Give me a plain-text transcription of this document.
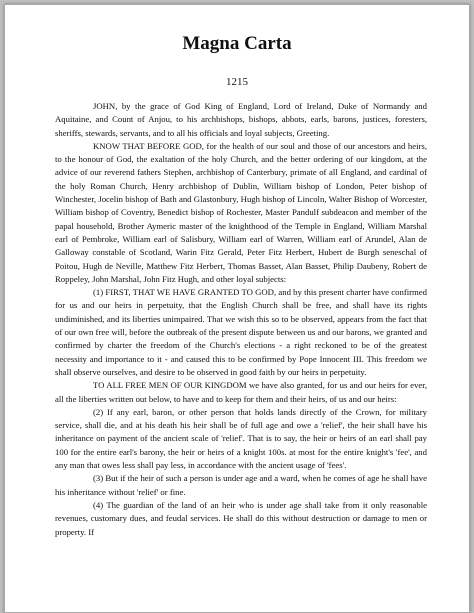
Magna Carta
1215

JOHN, by the grace of God King of England, Lord of Ireland, Duke of Normandy and Aquitaine, and Count of Anjou, to his archbishops, bishops, abbots, earls, barons, justices, foresters, sheriffs, stewards, servants, and to all his officials and loyal subjects, Greeting.

KNOW THAT BEFORE GOD, for the health of our soul and those of our ancestors and heirs, to the honour of God, the exaltation of the holy Church, and the better ordering of our kingdom, at the advice of our reverend fathers Stephen, archbishop of Canterbury, primate of all England, and cardinal of the holy Roman Church, Henry archbishop of Dublin, William bishop of London, Peter bishop of Winchester, Jocelin bishop of Bath and Glastonbury, Hugh bishop of Lincoln, Walter Bishop of Worcester, William bishop of Coventry, Benedict bishop of Rochester, Master Pandulf subdeacon and member of the papal household, Brother Aymeric master of the knighthood of the Temple in England, William Marshal earl of Pembroke, William earl of Salisbury, William earl of Warren, William earl of Arundel, Alan de Galloway constable of Scotland, Warin Fitz Gerald, Peter Fitz Herbert, Hubert de Burgh seneschal of Poitou, Hugh de Neville, Matthew Fitz Herbert, Thomas Basset, Alan Basset, Philip Daubeny, Robert de Roppeley, John Marshal, John Fitz Hugh, and other loyal subjects:

(1) FIRST, THAT WE HAVE GRANTED TO GOD, and by this present charter have confirmed for us and our heirs in perpetuity, that the English Church shall be free, and shall have its rights undiminished, and its liberties unimpaired. That we wish this so to be observed, appears from the fact that of our own free will, before the outbreak of the present dispute between us and our barons, we granted and confirmed by charter the freedom of the Church's elections - a right reckoned to be of the greatest necessity and importance to it - and caused this to be confirmed by Pope Innocent III. This freedom we shall observe ourselves, and desire to be observed in good faith by our heirs in perpetuity.

TO ALL FREE MEN OF OUR KINGDOM we have also granted, for us and our heirs for ever, all the liberties written out below, to have and to keep for them and their heirs, of us and our heirs:

(2) If any earl, baron, or other person that holds lands directly of the Crown, for military service, shall die, and at his death his heir shall be of full age and owe a 'relief', the heir shall have his inheritance on payment of the ancient scale of 'relief'. That is to say, the heir or heirs of an earl shall pay 100 for the entire earl's barony, the heir or heirs of a knight 100s. at most for the entire knight's 'fee', and any man that owes less shall pay less, in accordance with the ancient usage of 'fees'.

(3) But if the heir of such a person is under age and a ward, when he comes of age he shall have his inheritance without 'relief' or fine.

(4) The guardian of the land of an heir who is under age shall take from it only reasonable revenues, customary dues, and feudal services. He shall do this without destruction or damage to men or property. If
